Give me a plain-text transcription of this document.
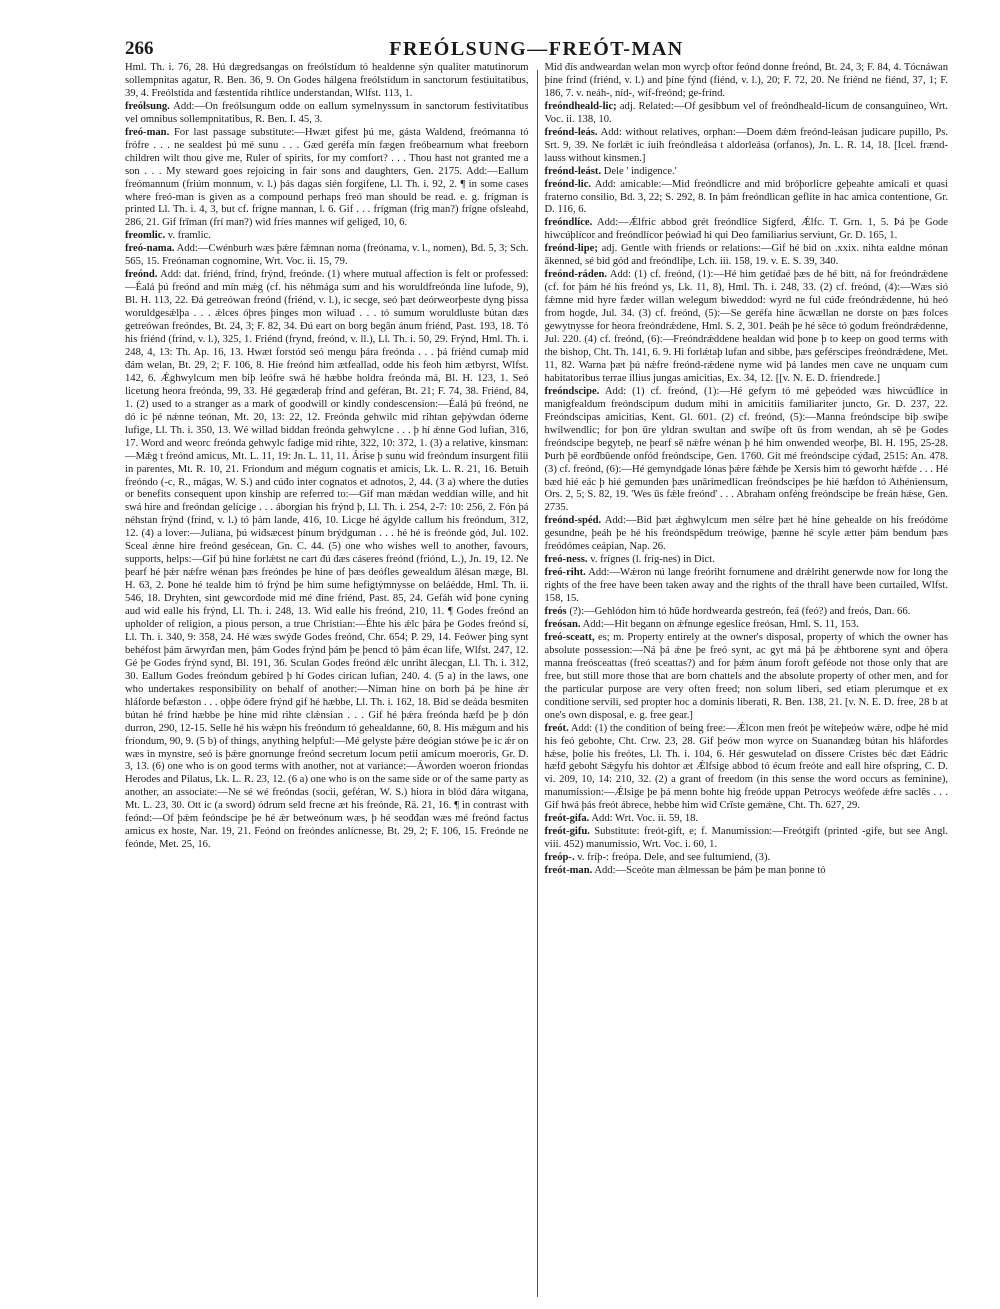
266	FREÓLSUNG—FREÓT-MAN

Hml. Th. i. 76, 28. Hú dægredsangas on freólstídum tó healdenne sýn qualiter matutinorum sollempnitas agatur, R. Ben. 36, 9. On Godes hálgena freólstídum in sanctorum festiuitatibus, 39, 4. Freólstída and fæstentída rihtlíce understandan, Wlfst. 113, 1.

freólsung. Add:—On freólsungum odde on eallum symelnyssum in sanctorum festivitatibus vel omnibus sollempnitatibus, R. Ben. I. 45, 3.

freó-man. For last passage substitute:—Hwæt gifest þú me, gásta Waldend, freómanna tó frófre . . . ne sealdest þú mé sunu . . . Gæd geréfa mín fægen freóbearnum what freeborn children wilt thou give me, Ruler of spirits, for my comfort? . . . Thou hast not granted me a son . . . My steward goes rejoicing in fair sons and daughters, Gen. 2175. Add:—Eallum freómannum (friúm monnum, v. l.) þás dagas sién forgifene, Ll. Th. i. 92, 2. ¶ in some cases where freó-man is given as a compound perhaps freó man should be read. e. g. frígman is printed Ll. Th. i. 4, 3, but cf. frígne mannan, l. 6. Gif . . . frígman (frig man?) frígne ofsleahd, 286, 21. Gif frīman (frí man?) wid fríes mannes wíf geligeđ, 10, 6.

freomlic. v. framlic.

freó-nama. Add:—Cwénburh wæs þǽre fǽmnan noma (freónama, v. l., nomen), Bd. 5, 3; Sch. 565, 15. Freónaman cognomine, Wrt. Voc. ii. 15, 79.

freónd. Add: dat. friénd, frínd, frýnd, freónde. (1) where mutual affection is felt or professed:—Éalá þú freónd and mín mǽg (cf. his néhmága sum and his woruldfreónda líne lufode, 9), Bl. H. 113, 22. Đá getreówan freónd (friénd, v. l.), ic secge, seó þæt deórweorþeste dyng þissa woruldgesǽlþa . . . ǽlces óþres þinges mon wiluađ . . . tó sumum woruldluste bútan dæs getreówan freóndes, Bt. 24, 3; F. 82, 34. Đú eart on borg begān ánum friénd, Past. 193, 18. Tó his friénd (frínd, v. l.), 325, 1. Friénd (frynd, freónd, v. ll.), Ll. Th. i. 50, 29. Frýnd, Hml. Th. i. 248, 4, 13: Th. Ap. 16, 13. Hwæt forstód seó mengu þára freónda . . . þá friénd cumaþ mid đám welan, Bt. 29, 2; F. 106, 8. Hie freónd him ætfeallad, odde his feoh him ætbyrst, Wlfst. 142, 6. Ǽghwylcum men biþ leófre swá hé hæbbe holdra freónda má, Bl. H. 123, 1. Seó licetung heora freónda, 99, 33. Hé gegæderaþ frínd and geféran, Bt. 21; F. 74, 38. Friénd, 84, 1. (2) used to a stranger as a mark of goodwill or kindly condescension:—Éalá þú freónd, ne dó ic þé nǽnne teónan, Mt. 20, 13: 22, 12. Freónda gehwilc mid rihtan geþýwdan óđerne lufige, Ll. Th. i. 350, 13. Wé willad biddan freónda gehwylcne . . . þ hí ǽnne God lufian, 316, 17. Word and weorc freónda gehwylc fadige mid rihte, 322, 10: 372, 1. (3) a relative, kinsman:—Mǽg t freónd amicus, Mt. L. 11, 19: Jn. L. 11, 11. Árise þ sunu wid freóndum insurgent filii in parentes, Mt. R. 10, 21. Fríondum and mégum cognatis et amicis, Lk. L. R. 21, 16. Betuih freóndo (-c, R., mágas, W. S.) and cúđo inter cognatos et adnotos, 2, 44. (3 a) where the duties or benefits consequent upon kinship are referred to:—Gif man mǽdan weddian wille, and hit swá hire and freóndan gelícige . . . áborgian his frýnd þ, Ll. Th. i. 254, 2-7: 10: 256, 2. Fón þá néhstan frýnd (frínd, v. l.) tó þám lande, 416, 10. Licge hé ágylde callum his freóndum, 312, 12. (4) a lover:—Juliana, þú wiđsæcest þínum brýdguman . . . hé hé is freónde gód, Jul. 102. Sceal ǽnne hire freónd gesécean, Gn. C. 44. (5) one who wishes well to another, favours, supports, helps:—Gif þú hine forlǽtst ne cart đú đæs cáseres freónd (friónd, L.), Jn. 19, 12. Ne þearf hé þǽr nǽfre wénan þæs freóndes þe hine of þæs deófles gewealdum ālésan mæge, Bl. H. 63, 2. Þone hé tealde him tó frýnd þe him sume hefigtýmnysse on beláédde, Hml. Th. ii. 546, 18. Dryhten, sint gewcorđode mid mé đíne friénd, Past. 85, 24. Gefáh wiđ þone cyning aud wid ealle his frýnd, Ll. Th. i. 248, 13. Wid ealle his freónd, 210, 11. ¶ Godes freónd an upholder of religion, a pious person, a true Christian:—Éhte his ǽlc þára þe Godes freónd sí, Ll. Th. i. 340, 9: 358, 24. Hé wæs swýđe Godes freónd, Chr. 654; P. 29, 14. Feówer þing synt behéfost þám ārwyrđan men, þám Godes frýnd þám þe þencd tó þám écan life, Wlfst. 247, 12. Gé þe Godes frýnd synd, Bl. 191, 36. Sculan Godes freónd ǽlc unriht ālecgan, Ll. Th. i. 312, 30. Eallum Godes freóndum gebíred þ hí Godes cirican lufian, 240. 4. (5 a) in the laws, one who undertakes responsibility on behalf of another:—Niman hine on borh þá þe hine ǽr hláforde befæston . . . oþþe óđere frýnd gif hé hæbbe, Ll. Th. i. 162, 18. Bid se deáda besmiten bútan hé frínd hæbbe þe hine mid rihte clǽnsian . . . Gif hé þǽra freónda hæfd þe þ dón durron, 290, 12-15. Selle hé his wǽpn his freóndum tó gehealdanne, 60, 8. His mǽgum and his fríondum, 90, 9. (5 b) of things, anything helpful:—Mé gelyste þǽre deógian stówe þe ic ǽr on wæs in mynstre, seó is þǽre gnornunge freónd secretum locum petii amicum moeroris, Gr. D. 3, 13. (6) one who is on good terms with another, not at variance:—Áworden woeron friondas Herodes and Pilatus, Lk. L. R. 23, 12. (6 a) one who is on the same side or of the same party as another, an associate:—Ne sé wé freóndas (socii, geféran, W. S.) hiora in blód đára witgana, Mt. L. 23, 30. Ott ic (a sword) ódrum seld frecne æt his freónde, Rä. 21, 16. ¶ in contrast with feónd:—Of þǽm feóndscipe þe hé ǽr betweónum wæs, þ hé seođđan wæs mé freónd factus amicus ex hoste, Nar. 19, 21. Feónd on freóndes anlícnesse, Bt. 29, 2; F. 106, 15. Freónde ne feónde, Met. 25, 16.

Mid đís andweardan welan mon wyrcþ oftor feónd donne freónd, Bt. 24, 3; F. 84, 4. Tócnáwan þíne frind (friénd, v. l.) and þíne fýnd (fiénd, v. l.), 20; F. 72, 20. Ne friénd ne fiénd, 37, 1; F. 186, 7. v. neáh-, níd-, wíf-freónd; ge-frínd.

freóndheald-lic; adj. Related:—Of gesibbum vel of freóndheald-licum de consanguineo, Wrt. Voc. ii. 138, 10.

freónd-leás. Add: without relatives, orphan:—Doem đǽm freónd-leásan judicare pupillo, Ps. Srt. 9, 39. Ne forlǽt ic íuih freóndleása t aldorleása (orfanos), Jn. L. R. 14, 18. [Icel. frænd-lauss without kinsmen.]

freónd-leást. Dele ' indigence.'

freónd-lic. Add: amicable:—Mid freóndlicre and mid bróþorlicre geþeahte amicali et quasi fraterno consilio, Bd. 3, 22; S. 292, 8. In þám freóndlican geflite in hac amica contentione, Gr. D. 116, 6.

freóndlíce. Add:—Ǽlfric abbod grét freóndlíce Sigferd, Ǽlfc. T. Grn. 1, 5. Þá þe Gode hiwcúþlícor and freóndlícor þeówiađ hi qui Deo familiarius serviunt, Gr. D. 165, 1.

freónd-lipe; adj. Gentle with friends or relations:—Gif hé bid on .xxix. nihta ealdne mónan ākenned, sé bid gód and freóndlíþe, Lch. iii. 158, 19. v. E. S. 39, 340.

freónd-ráden. Add: (1) cf. freónd, (1):—Hé him getíđaé þæs de hé bitt, ná for freóndrǽdene (cf. for þám hé his freónd ys, Lk. 11, 8), Hml. Th. i. 248, 33. (2) cf. freónd, (4):—Wæs sió fǽmne mid hyre fæder willan welegum biweddod: wyrd ne ful cúđe freóndrǽdenne, hú heó from hogde, Jul. 34. (3) cf. freónd, (5):—Se geréfa hine ācwællan ne dorste on þæs folces gewytnysse for heora freóndrǽdene, Hml. S. 2, 301. Þeáh þe hé sēce tó godum freóndrǽdenne, Jul. 220. (4) cf. freónd, (6):—Freóndrǽddene healdan wid þone þ to keep on good terms with the bishop, Cht. Th. 141, 6. 9. Hi forlǽtaþ lufan and sibbe, þæs geférscipes freóndrǽdene, Met. 11, 82. Warna þæt þú nǽfre freónd-rǽdene nyme wid þá landes men cave ne unquam cum habitatoribus terrae illius jungas amicitias, Ex. 34, 12. [[v. N. E. D. friendrede.]

freóndscipe. Add: (1) cf. freónd, (1):—Hé gefyrn tó mé geþeóded wæs hiwcúđlíce in manigfealdum freóndscipum dudum mihi in amicitiis familiariter juncto, Gr. D. 237, 22. Freóndscipas amicitias, Kent. Gl. 601. (2) cf. freónd, (5):—Manna freóndscipe biþ swíþe hwílwendlic; for þon ūre yldran swultan and swíþe oft ūs from wendan, ah sē þe Godes freóndscipe begyteþ, ne þearf sē nǽfre wénan þ hé him onwended weorþe, Bl. H. 195, 25-28. Þurh þē eorđbūende onfód freóndscipe, Gen. 1760. Git mé freóndscipe cýđađ, 2515: An. 478. (3) cf. freónd, (6):—Hé gemyndgade lónas þǽre fǽhđe þe Xersis him tó geworht hǽfde . . . Hé bæd hié eác þ hié gemunden þæs unārimedlican freóndscipes þe hié hæfdon tó Athéniensum, Ors. 2, 5; S. 82, 19. 'Wes ūs fǽle freónd' . . . Abraham onféng freóndscipe be freán hǽse, Gen. 2735.

freónd-spéd. Add:—Bid þæt ǽghwylcum men sélre þæt hé hine gehealde on his freódóme gesundne, þeáh þe hé his freóndspēdum treówige, þænne hé scyle ætter þám bendum þæs freódómes ceápian, Nap. 26.

freó-ness. v. frígnes (l. fríg-nes) in Dict.

freó-riht. Add:—Wǽron nú lange freóriht fornumene and drǽlriht generwde now for long the rights of the free have been taken away and the rights of the thrall have been curtailed, Wlfst. 158, 15.

freós (?):—Gehlódon him tó hūđe hordwearda gestreón, feá (feó?) and freós, Dan. 66.

freósan. Add:—Hit begann on ǽfnunge egeslíce freósan, Hml. S. 11, 153.

freó-sceatt, es; m. Property entirely at the owner's disposal, property of which the owner has absolute possession:—Ná þá ǽne þe freó synt, ac gyt má þá þe ǽhtborene synt and óþera manna freósceattas (freó sceattas?) and for þǽm ánum foroft geféode not those only that are free, but still more those that are born chattels and the absolute property of other men, and for the particular purpose are very often freed; non solum liberi, sed etiam plerumque et ex conditione servili, sed propter hoc a dominis liberati, R. Ben. 138, 21. [v. N. E. D. free, 28 b at one's own disposal, e. g. free gear.]

freót. Add: (1) the condition of being free:—Ǽlcon men freót þe wíteþeów wǽre, odþe hé mid his feó gebohte, Cht. Crw. 23, 28. Gif þeów mon wyrce on Suanandæg bútan his hláfordes hǽse, þolie his freótes, Ll. Th. i. 104, 6. Hér geswutelađ on đissere Crístes béc đæt Eádric hæfđ geboht Sǽgyfu his dohtor æt Ǽlfsige abbod tó écum freóte and eall hire ofspring, C. D. vi. 209, 10, 14: 210, 32. (2) a grant of freedom (in this sense the word occurs as feminine), manumission:—Ǽlsige þe þá menn bohte hig freóde uppan Petrocys weófede ǽfre saclēs . . . Gif hwá þás freót ábrece, hebbe him wiđ Crīste gemǽne, Cht. Th. 627, 29.

freót-gifa. Add: Wrt. Voc. ii. 59, 18.

freót-gifu. Substitute: freót-gift, e; f. Manumission:—Freótgift (printed -gife, but see Angl. viii. 452) manumissio, Wrt. Voc. i. 60, 1.

freóp-. v. fríþ-: freópa. Dele, and see fultumiend, (3).

freót-man. Add:—Sceóte man ǽlmessan be þám þe man þonne tó
